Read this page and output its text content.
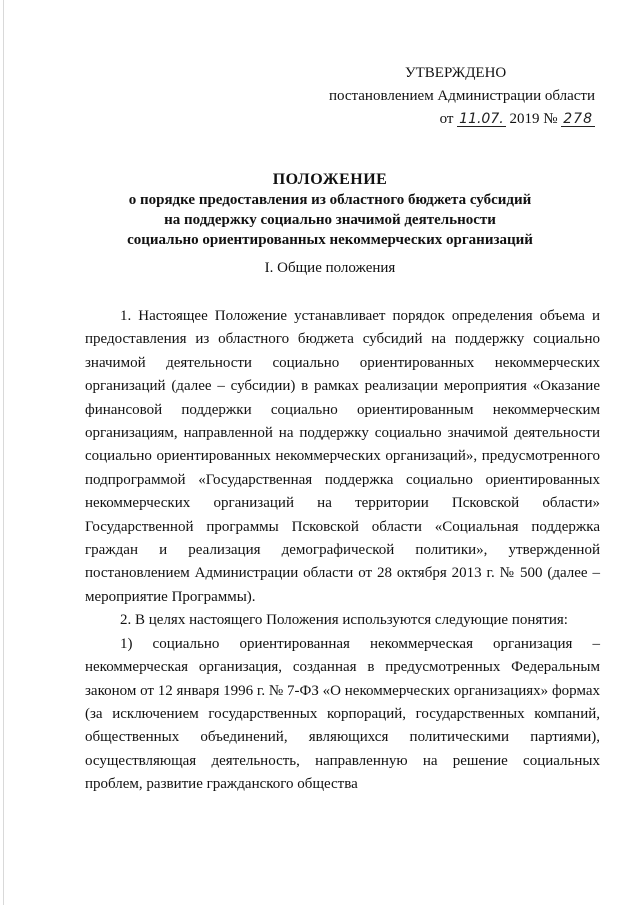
УТВЕРЖДЕНО
постановлением Администрации области
от 11.07. 2019 № 278
ПОЛОЖЕНИЕ
о порядке предоставления из областного бюджета субсидий
на поддержку социально значимой деятельности
социально ориентированных некоммерческих организаций
I. Общие положения

1. Настоящее Положение устанавливает порядок определения объема и предоставления из областного бюджета субсидий на поддержку социально значимой деятельности социально ориентированных некоммерческих организаций (далее – субсидии) в рамках реализации мероприятия «Оказание финансовой поддержки социально ориентированным некоммерческим организациям, направленной на поддержку социально значимой деятельности социально ориентированных некоммерческих организаций», предусмотренного подпрограммой «Государственная поддержка социально ориентированных некоммерческих организаций на территории Псковской области» Государственной программы Псковской области «Социальная поддержка граждан и реализация демографической политики», утвержденной постановлением Администрации области от 28 октября 2013 г. № 500 (далее – мероприятие Программы).

2. В целях настоящего Положения используются следующие понятия:

1) социально ориентированная некоммерческая организация – некоммерческая организация, созданная в предусмотренных Федеральным законом от 12 января 1996 г. № 7-ФЗ «О некоммерческих организациях» формах (за исключением государственных корпораций, государственных компаний, общественных объединений, являющихся политическими партиями), осуществляющая деятельность, направленную на решение социальных проблем, развитие гражданского общества
